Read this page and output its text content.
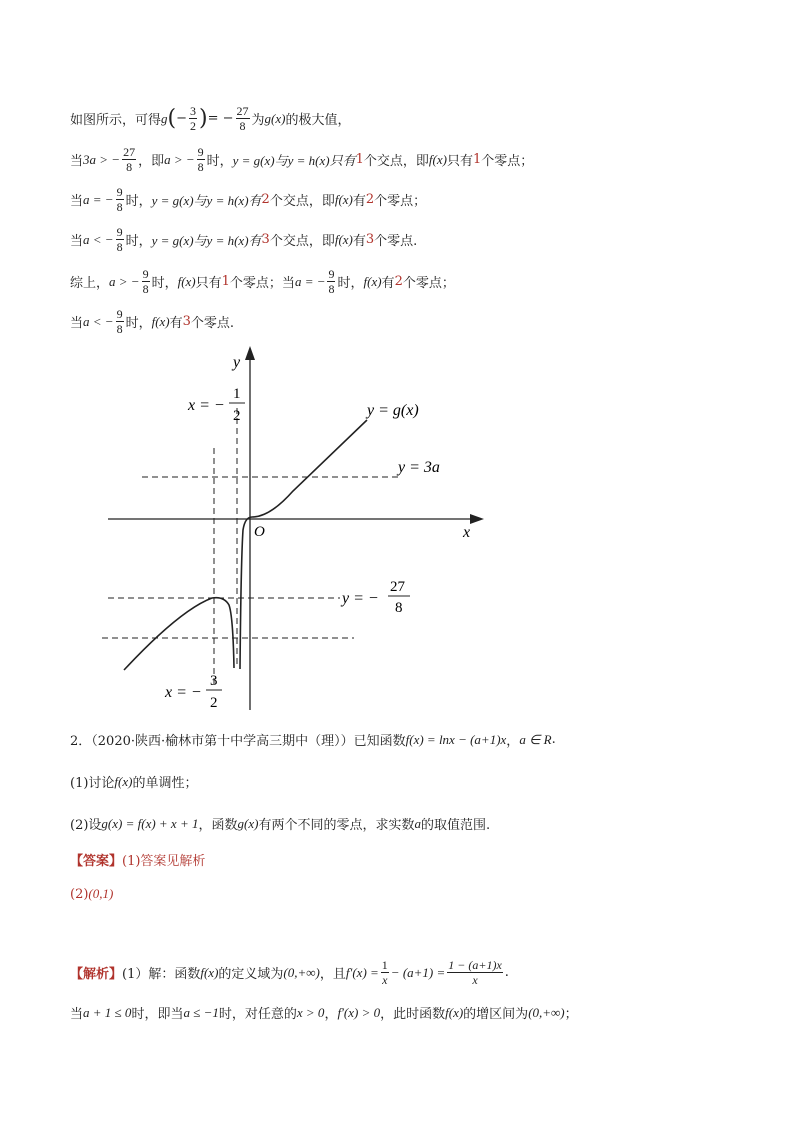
如图所示，可得 g ( − $\frac{3}{2}$ ) = − $\frac{27}{8}$ 为 g(x) 的极大值，
当 3a > − $\frac{27}{8}$ ，即 a > − $\frac{9}{8}$ 时， y = g(x)与y = h(x)只有 1 个交点，即 f(x) 只有 1 个零点；
当 a = − $\frac{9}{8}$ 时， y = g(x)与y = h(x)有 2 个交点，即 f(x) 有 2 个零点；
当 a < − $\frac{9}{8}$ 时， y = g(x)与y = h(x)有 3 个交点，即 f(x) 有 3 个零点.
综上， a > − $\frac{9}{8}$ 时， f(x) 只有 1 个零点；当 a = − $\frac{9}{8}$ 时， f(x) 有 2 个零点；
当 a < − $\frac{9}{8}$ 时， f(x) 有 3 个零点.
y
x
O
y = g(x)
y = 3a
y = −
27
8
x = −
1
2
x = −
3
2
2．（2020·陕西·榆林市第十中学高三期中（理））已知函数 f(x) = lnx − (a+1)x ， a ∈ R .
(1)讨论 f(x) 的单调性；
(2)设 g(x) = f(x) + x + 1 ，函数 g(x) 有两个不同的零点，求实数 a 的取值范围.
【答案】 (1)答案见解析
(2) (0,1)
【解析】 (1）解：函数 f(x) 的定义域为 (0,+∞) ，且 $f'(x) = \frac{1}{x} - (a+1) = \frac{1 - (a+1)x}{x}$ .
当 a + 1 ≤ 0 时，即当 a ≤ −1 时，对任意的 x > 0 ， f′(x) > 0 ，此时函数 f(x) 的增区间为 (0,+∞) ；
